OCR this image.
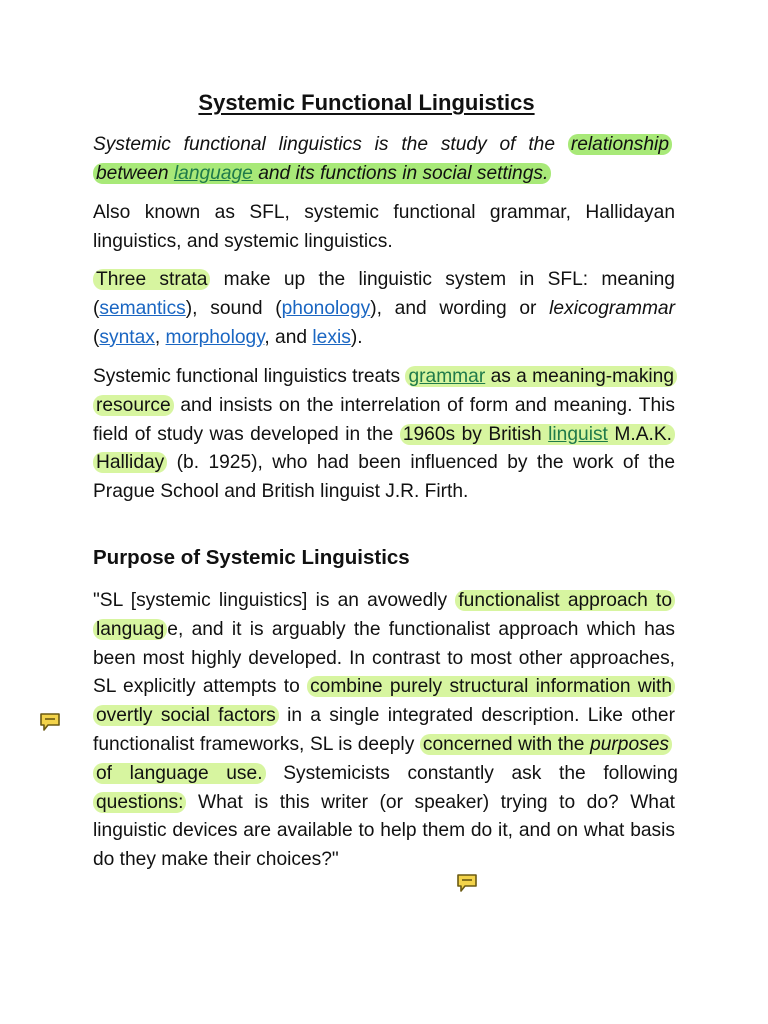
Systemic Functional Linguistics
Systemic functional linguistics is the study of the relationship between language and its functions in social settings.
Also known as SFL, systemic functional grammar, Hallidayan linguistics, and systemic linguistics.
Three strata make up the linguistic system in SFL: meaning (semantics), sound (phonology), and wording or lexicogrammar (syntax, morphology, and lexis).
Systemic functional linguistics treats grammar as a meaning-making resource and insists on the interrelation of form and meaning. This field of study was developed in the 1960s by British linguist M.A.K. Halliday (b. 1925), who had been influenced by the work of the Prague School and British linguist J.R. Firth.
Purpose of Systemic Linguistics
"SL [systemic linguistics] is an avowedly functionalist approach to languag e, and it is arguably the functionalist approach which has been most highly developed. In contrast to most other approaches, SL explicitly attempts to combine purely structural information with overtly social factors in a single integrated description. Like other functionalist frameworks, SL is deeply concerned with the purposes of language use. Systemicists constantly ask the following questions: What is this writer (or speaker) trying to do? What linguistic devices are available to help them do it, and on what basis do they make their choices?"
